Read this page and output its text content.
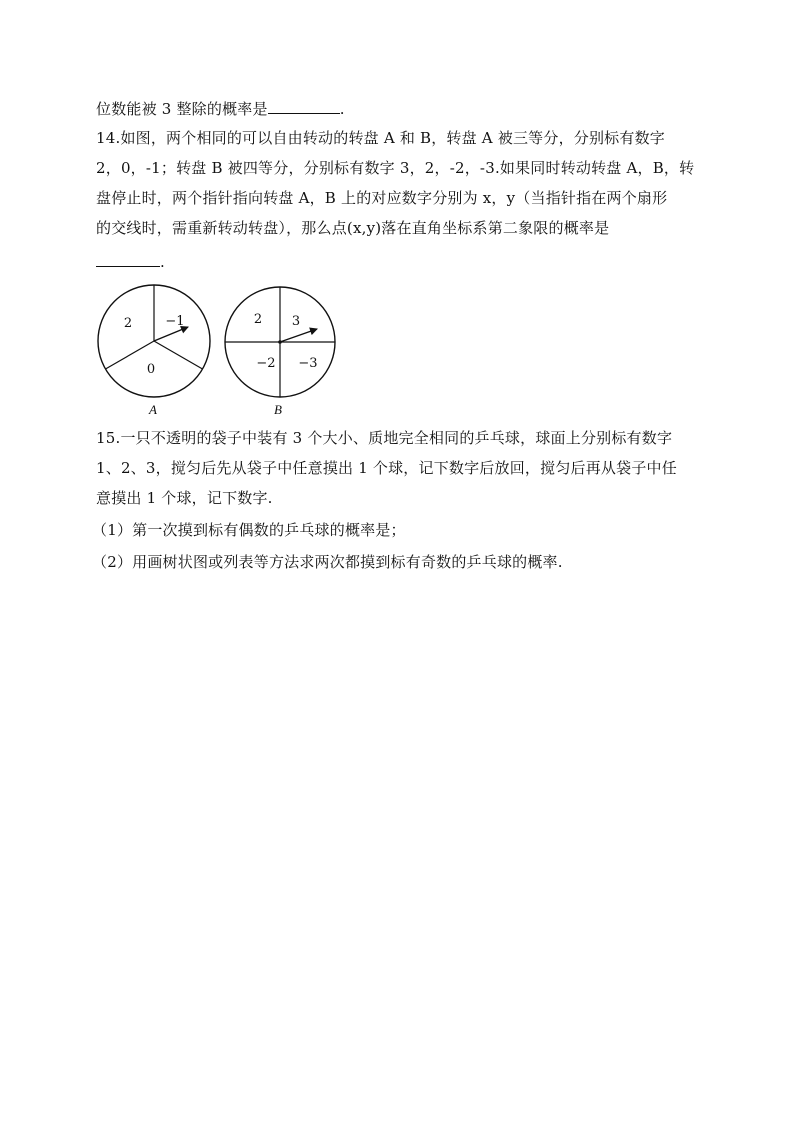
位数能被 3 整除的概率是	.
14.如图，两个相同的可以自由转动的转盘 A 和 B，转盘 A 被三等分，分别标有数字
2，0，-1；转盘 B 被四等分，分别标有数字 3，2，-2，-3.如果同时转动转盘 A，B，转
盘停止时，两个指针指向转盘 A，B 上的对应数字分别为 x，y（当指针指在两个扇形
的交线时，需重新转动转盘），那么点(x,y)落在直角坐标系第二象限的概率是
.
2	−1
0
A
2 3
−2 −3
B
15.一只不透明的袋子中装有 3 个大小、质地完全相同的乒乓球，球面上分别标有数字
1、2、3，搅匀后先从袋子中任意摸出 1 个球，记下数字后放回，搅匀后再从袋子中任
意摸出 1 个球，记下数字.
（1）第一次摸到标有偶数的乒乓球的概率是；
（2）用画树状图或列表等方法求两次都摸到标有奇数的乒乓球的概率.
